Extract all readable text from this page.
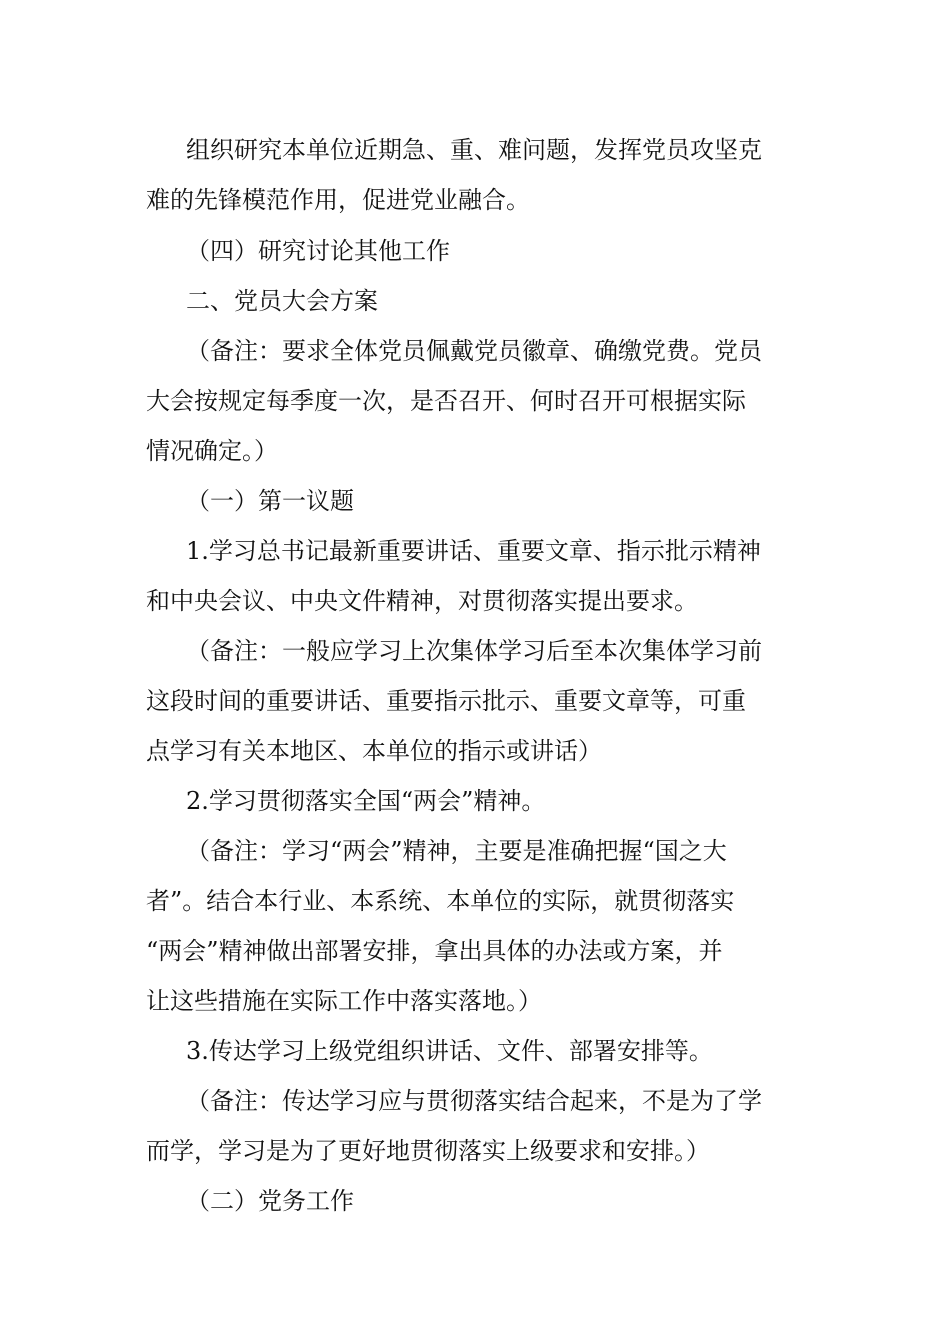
组织研究本单位近期急、重、难问题，发挥党员攻坚克
难的先锋模范作用，促进党业融合。
（四）研究讨论其他工作
二、党员大会方案
（备注：要求全体党员佩戴党员徽章、确缴党费。党员
大会按规定每季度一次，是否召开、何时召开可根据实际
情况确定。）
（一）第一议题
1.学习总书记最新重要讲话、重要文章、指示批示精神
和中央会议、中央文件精神，对贯彻落实提出要求。
（备注：一般应学习上次集体学习后至本次集体学习前
这段时间的重要讲话、重要指示批示、重要文章等，可重
点学习有关本地区、本单位的指示或讲话）
2.学习贯彻落实全国“两会”精神。
（备注：学习“两会”精神，主要是准确把握“国之大
者”。结合本行业、本系统、本单位的实际，就贯彻落实
“两会”精神做出部署安排，拿出具体的办法或方案，并
让这些措施在实际工作中落实落地。）
3.传达学习上级党组织讲话、文件、部署安排等。
（备注：传达学习应与贯彻落实结合起来，不是为了学
而学，学习是为了更好地贯彻落实上级要求和安排。）
（二）党务工作
